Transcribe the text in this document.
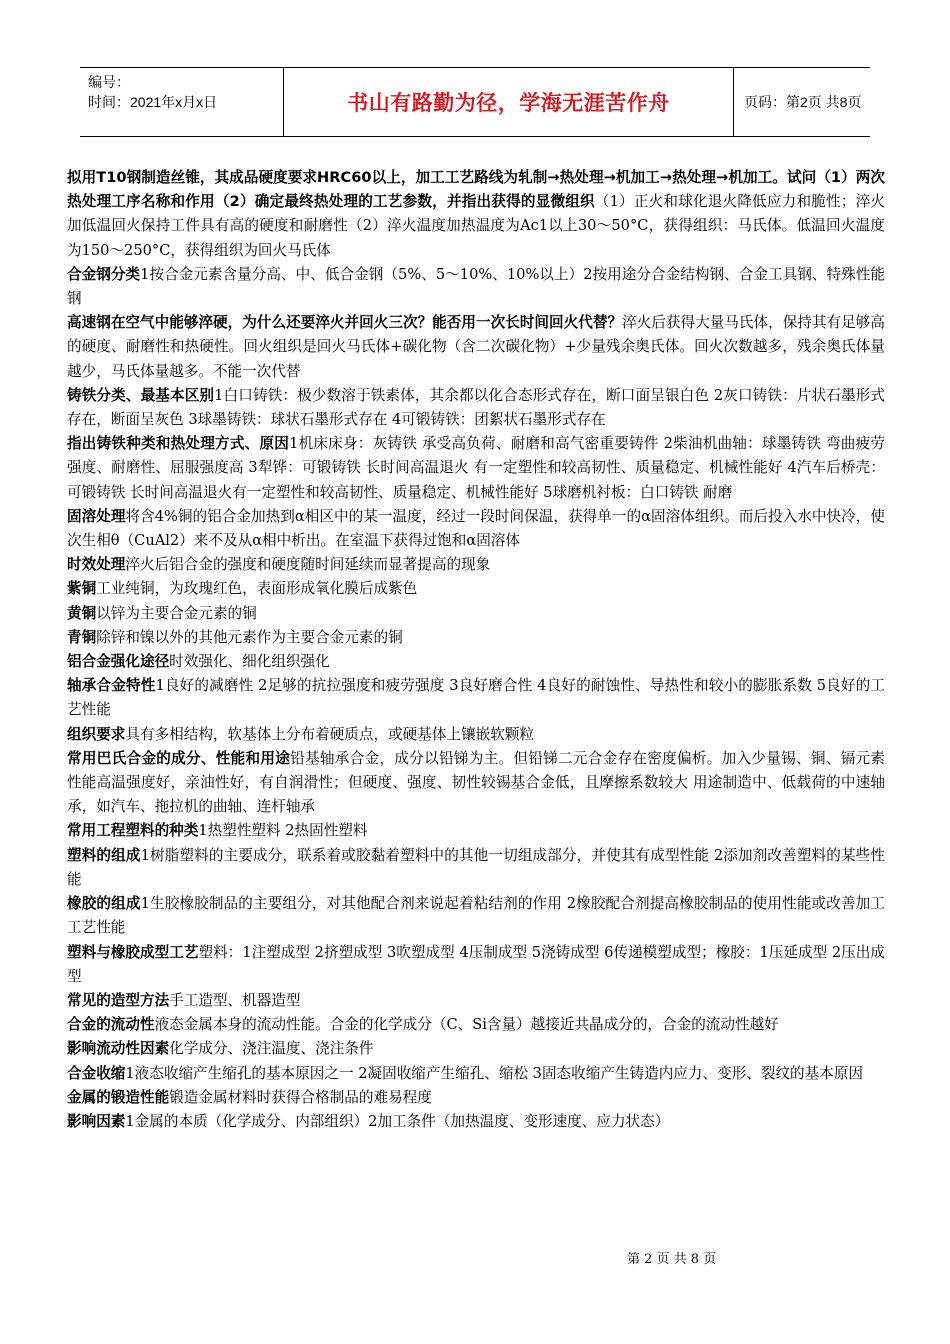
编号：
时间：2021年x月x日	书山有路勤为径，学海无涯苦作舟	页码：第2页 共8页
拟用T10钢制造丝锥，其成品硬度要求HRC60以上，加工工艺路线为轧制→热处理→机加工→热处理→机加工。试问（1）两次热处理工序名称和作用（2）确定最终热处理的工艺参数，并指出获得的显微组织（1）正火和球化退火降低应力和脆性；淬火加低温回火保持工件具有高的硬度和耐磨性（2）淬火温度加热温度为Ac1以上30～50°C，获得组织：马氏体。低温回火温度为150～250°C，获得组织为回火马氏体
合金钢分类1按合金元素含量分高、中、低合金钢（5%、5～10%、10%以上）2按用途分合金结构钢、合金工具钢、特殊性能钢
高速钢在空气中能够淬硬，为什么还要淬火并回火三次？能否用一次长时间回火代替？淬火后获得大量马氏体，保持其有足够高的硬度、耐磨性和热硬性。回火组织是回火马氏体+碳化物（含二次碳化物）+少量残余奥氏体。回火次数越多，残余奥氏体量越少，马氏体量越多。不能一次代替
铸铁分类、最基本区别1白口铸铁：极少数溶于铁素体，其余都以化合态形式存在，断口面呈银白色 2灰口铸铁：片状石墨形式存在，断面呈灰色 3球墨铸铁：球状石墨形式存在 4可锻铸铁：团絮状石墨形式存在
指出铸铁种类和热处理方式、原因1机床床身：灰铸铁 承受高负荷、耐磨和高气密重要铸件 2柴油机曲轴：球墨铸铁 弯曲疲劳强度、耐磨性、屈服强度高 3犁铧：可锻铸铁 长时间高温退火 有一定塑性和较高韧性、质量稳定、机械性能好 4汽车后桥壳：可锻铸铁 长时间高温退火有一定塑性和较高韧性、质量稳定、机械性能好 5球磨机衬板：白口铸铁 耐磨
固溶处理将含4%铜的铝合金加热到α相区中的某一温度，经过一段时间保温，获得单一的α固溶体组织。而后投入水中快冷，使次生相θ（CuAl2）来不及从α相中析出。在室温下获得过饱和α固溶体
时效处理淬火后铝合金的强度和硬度随时间延续而显著提高的现象
紫铜工业纯铜，为玫瑰红色，表面形成氧化膜后成紫色
黄铜以锌为主要合金元素的铜
青铜除锌和镍以外的其他元素作为主要合金元素的铜
铝合金强化途径时效强化、细化组织强化
轴承合金特性1良好的减磨性 2足够的抗拉强度和疲劳强度 3良好磨合性 4良好的耐蚀性、导热性和较小的膨胀系数 5良好的工艺性能
组织要求具有多相结构，软基体上分布着硬质点，或硬基体上镶嵌软颗粒
常用巴氏合金的成分、性能和用途铅基轴承合金，成分以铅锑为主。但铅锑二元合金存在密度偏析。加入少量锡、铜、镉元素 性能高温强度好，亲油性好，有自润滑性；但硬度、强度、韧性较锡基合金低，且摩擦系数较大 用途制造中、低载荷的中速轴承，如汽车、拖拉机的曲轴、连杆轴承
常用工程塑料的种类1热塑性塑料 2热固性塑料
塑料的组成1树脂塑料的主要成分，联系着或胶黏着塑料中的其他一切组成部分，并使其有成型性能 2添加剂改善塑料的某些性能
橡胶的组成1生胶橡胶制品的主要组分，对其他配合剂来说起着粘结剂的作用 2橡胶配合剂提高橡胶制品的使用性能或改善加工工艺性能
塑料与橡胶成型工艺塑料：1注塑成型 2挤塑成型 3吹塑成型 4压制成型 5浇铸成型 6传递模塑成型；橡胶：1压延成型 2压出成型
常见的造型方法手工造型、机器造型
合金的流动性液态金属本身的流动性能。合金的化学成分（C、Si含量）越接近共晶成分的，合金的流动性越好
影响流动性因素化学成分、浇注温度、浇注条件
合金收缩1液态收缩产生缩孔的基本原因之一 2凝固收缩产生缩孔、缩松 3固态收缩产生铸造内应力、变形、裂纹的基本原因
金属的锻造性能锻造金属材料时获得合格制品的难易程度
影响因素1金属的本质（化学成分、内部组织）2加工条件（加热温度、变形速度、应力状态）
第 2 页 共 8 页
